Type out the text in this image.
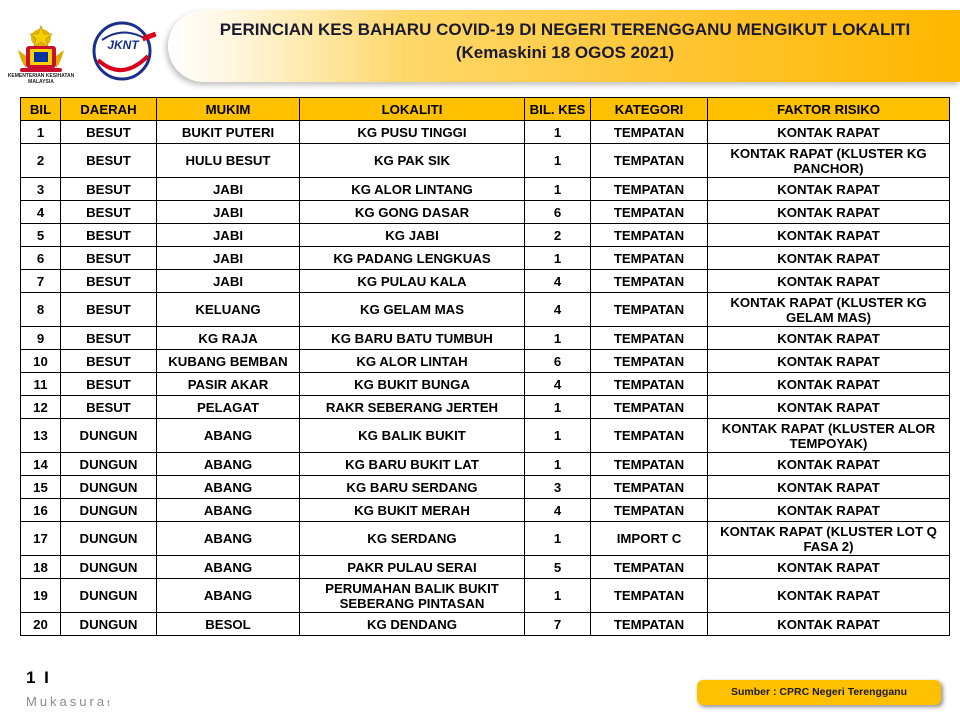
KEMENTERIAN KESIHATAN MALAYSIA
JKNT
PERINCIAN KES BAHARU COVID-19 DI NEGERI TERENGGANU MENGIKUT LOKALITI
(Kemaskini 18 OGOS 2021)
BIL	DAERAH	MUKIM	LOKALITI	BIL. KES	KATEGORI	FAKTOR RISIKO
1	BESUT	BUKIT PUTERI	KG PUSU TINGGI	1	TEMPATAN	KONTAK RAPAT
2	BESUT	HULU BESUT	KG PAK SIK	1	TEMPATAN	KONTAK RAPAT (KLUSTER KG PANCHOR)
3	BESUT	JABI	KG ALOR LINTANG	1	TEMPATAN	KONTAK RAPAT
4	BESUT	JABI	KG GONG DASAR	6	TEMPATAN	KONTAK RAPAT
5	BESUT	JABI	KG JABI	2	TEMPATAN	KONTAK RAPAT
6	BESUT	JABI	KG PADANG LENGKUAS	1	TEMPATAN	KONTAK RAPAT
7	BESUT	JABI	KG PULAU KALA	4	TEMPATAN	KONTAK RAPAT
8	BESUT	KELUANG	KG GELAM MAS	4	TEMPATAN	KONTAK RAPAT (KLUSTER KG GELAM MAS)
9	BESUT	KG RAJA	KG BARU BATU TUMBUH	1	TEMPATAN	KONTAK RAPAT
10	BESUT	KUBANG BEMBAN	KG ALOR LINTAH	6	TEMPATAN	KONTAK RAPAT
11	BESUT	PASIR AKAR	KG BUKIT BUNGA	4	TEMPATAN	KONTAK RAPAT
12	BESUT	PELAGAT	RAKR SEBERANG JERTEH	1	TEMPATAN	KONTAK RAPAT
13	DUNGUN	ABANG	KG BALIK BUKIT	1	TEMPATAN	KONTAK RAPAT (KLUSTER ALOR TEMPOYAK)
14	DUNGUN	ABANG	KG BARU BUKIT LAT	1	TEMPATAN	KONTAK RAPAT
15	DUNGUN	ABANG	KG BARU SERDANG	3	TEMPATAN	KONTAK RAPAT
16	DUNGUN	ABANG	KG BUKIT MERAH	4	TEMPATAN	KONTAK RAPAT
17	DUNGUN	ABANG	KG SERDANG	1	IMPORT C	KONTAK RAPAT (KLUSTER LOT Q FASA 2)
18	DUNGUN	ABANG	PAKR PULAU SERAI	5	TEMPATAN	KONTAK RAPAT
19	DUNGUN	ABANG	PERUMAHAN BALIK BUKIT SEBERANG PINTASAN	1	TEMPATAN	KONTAK RAPAT
20	DUNGUN	BESOL	KG DENDANG	7	TEMPATAN	KONTAK RAPAT
1 I
Mukasurat
Sumber : CPRC Negeri Terengganu
